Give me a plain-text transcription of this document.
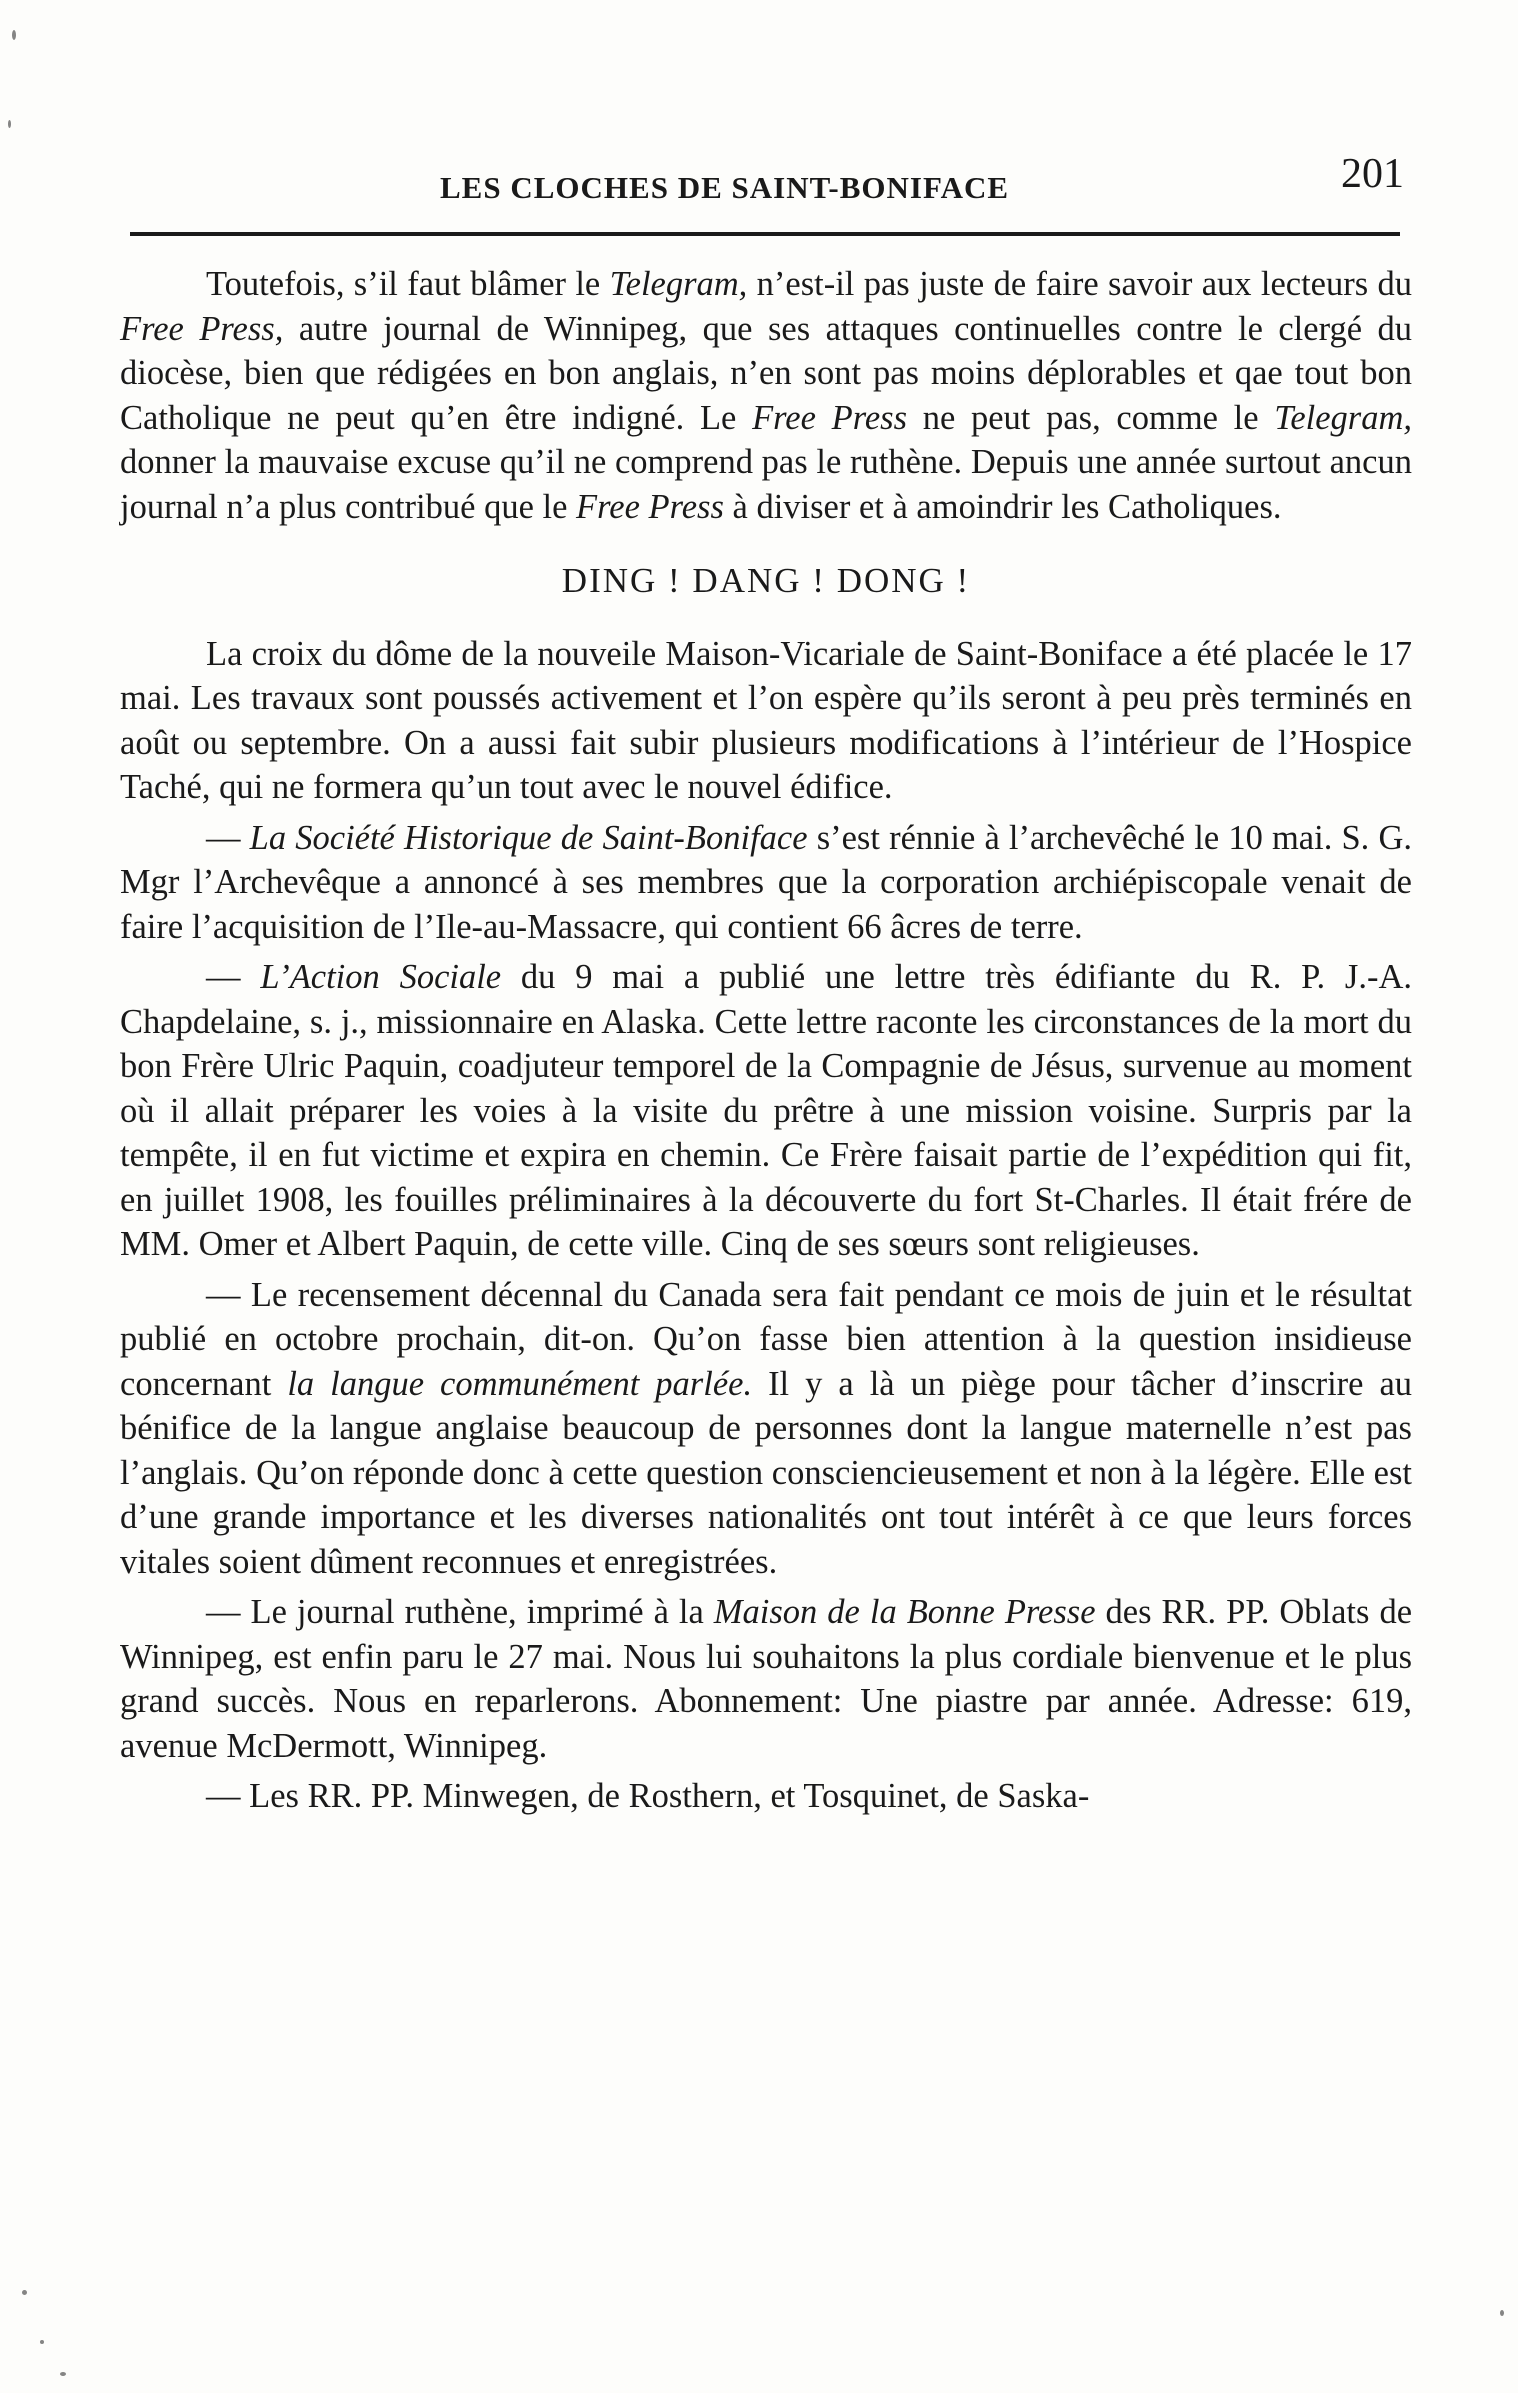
LES CLOCHES DE SAINT-BONIFACE	201

Toutefois, s’il faut blâmer le Telegram, n’est-il pas juste de faire savoir aux lecteurs du Free Press, autre journal de Winnipeg, que ses attaques continuelles contre le clergé du diocèse, bien que rédigées en bon anglais, n’en sont pas moins déplorables et qae tout bon Catholique ne peut qu’en être indigné. Le Free Press ne peut pas, comme le Telegram, donner la mauvaise excuse qu’il ne comprend pas le ruthène. Depuis une année surtout ancun journal n’a plus contribué que le Free Press à diviser et à amoindrir les Catholiques.

DING ! DANG ! DONG !

La croix du dôme de la nouveile Maison-Vicariale de Saint-Boniface a été placée le 17 mai. Les travaux sont poussés activement et l’on espère qu’ils seront à peu près terminés en août ou septembre. On a aussi fait subir plusieurs modifications à l’intérieur de l’Hospice Taché, qui ne formera qu’un tout avec le nouvel édifice.

— La Société Historique de Saint-Boniface s’est rénnie à l’archevêché le 10 mai. S. G. Mgr l’Archevêque a annoncé à ses membres que la corporation archiépiscopale venait de faire l’acquisition de l’Ile-au-Massacre, qui contient 66 âcres de terre.

— L’Action Sociale du 9 mai a publié une lettre très édifiante du R. P. J.-A. Chapdelaine, s. j., missionnaire en Alaska. Cette lettre raconte les circonstances de la mort du bon Frère Ulric Paquin, coadjuteur temporel de la Compagnie de Jésus, survenue au moment où il allait préparer les voies à la visite du prêtre à une mission voisine. Surpris par la tempête, il en fut victime et expira en chemin. Ce Frère faisait partie de l’expédition qui fit, en juillet 1908, les fouilles préliminaires à la découverte du fort St-Charles. Il était frére de MM. Omer et Albert Paquin, de cette ville. Cinq de ses sœurs sont religieuses.

— Le recensement décennal du Canada sera fait pendant ce mois de juin et le résultat publié en octobre prochain, dit-on. Qu’on fasse bien attention à la question insidieuse concernant la langue communément parlée. Il y a là un piège pour tâcher d’inscrire au bénifice de la langue anglaise beaucoup de personnes dont la langue maternelle n’est pas l’anglais. Qu’on réponde donc à cette question consciencieusement et non à la légère. Elle est d’une grande importance et les diverses nationalités ont tout intérêt à ce que leurs forces vitales soient dûment reconnues et enregistrées.

— Le journal ruthène, imprimé à la Maison de la Bonne Presse des RR. PP. Oblats de Winnipeg, est enfin paru le 27 mai. Nous lui souhaitons la plus cordiale bienvenue et le plus grand succès. Nous en reparlerons. Abonnement: Une piastre par année. Adresse: 619, avenue McDermott, Winnipeg.

— Les RR. PP. Minwegen, de Rosthern, et Tosquinet, de Saska-
